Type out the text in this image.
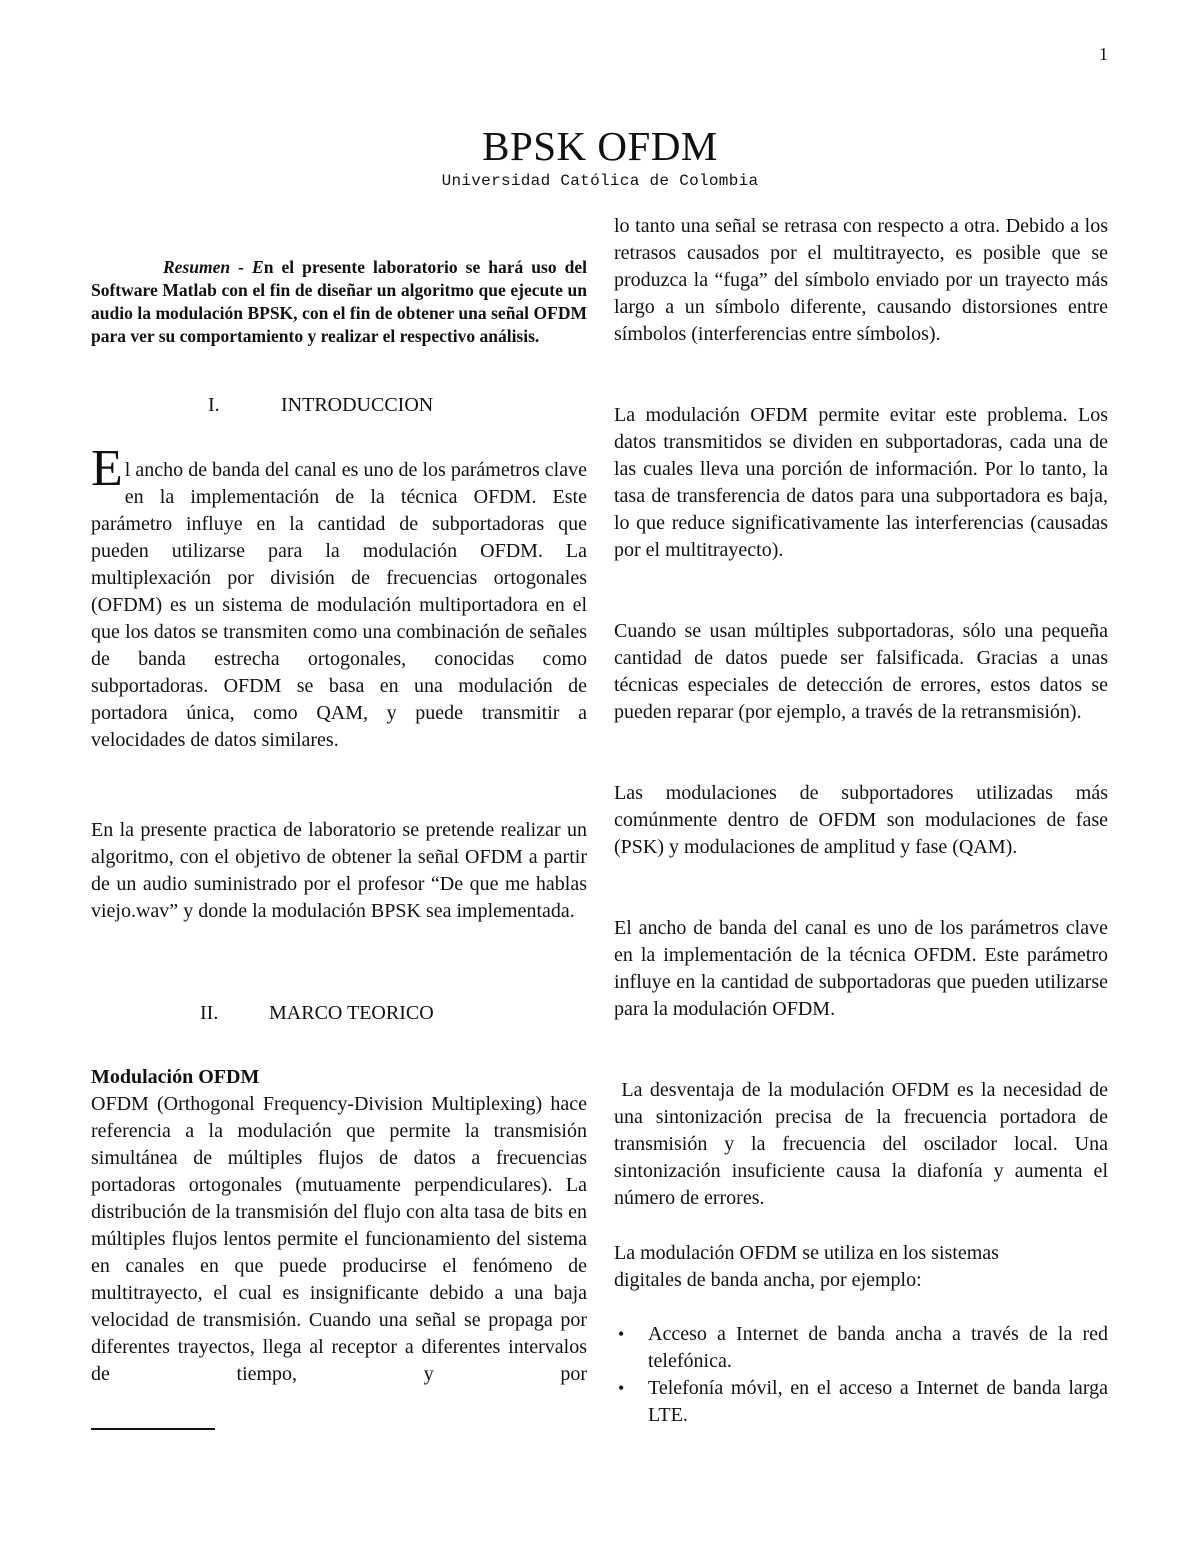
1
BPSK OFDM
Universidad Católica de Colombia

Resumen - En el presente laboratorio se hará uso del Software Matlab con el fin de diseñar un algoritmo que ejecute un audio la modulación BPSK, con el fin de obtener una señal OFDM para ver su comportamiento y realizar el respectivo análisis.

I.	INTRODUCCION

E l ancho de banda del canal es uno de los parámetros clave en la implementación de la técnica OFDM. Este parámetro influye en la cantidad de subportadoras que pueden utilizarse para la modulación OFDM. La multiplexación por división de frecuencias ortogonales (OFDM) es un sistema de modulación multiportadora en el que los datos se transmiten como una combinación de señales de banda estrecha ortogonales, conocidas como subportadoras. OFDM se basa en una modulación de portadora única, como QAM, y puede transmitir a velocidades de datos similares.

En la presente practica de laboratorio se pretende realizar un algoritmo, con el objetivo de obtener la señal OFDM a partir de un audio suministrado por el profesor “De que me hablas viejo.wav” y donde la modulación BPSK sea implementada.

II.	MARCO TEORICO
Modulación OFDM

OFDM (Orthogonal Frequency-Division Multiplexing) hace referencia a la modulación que permite la transmisión simultánea de múltiples flujos de datos a frecuencias portadoras ortogonales (mutuamente perpendiculares). La distribución de la transmisión del flujo con alta tasa de bits en múltiples flujos lentos permite el funcionamiento del sistema en canales en que puede producirse el fenómeno de multitrayecto, el cual es insignificante debido a una baja velocidad de transmisión. Cuando una señal se propaga por diferentes trayectos, llega al receptor a diferentes intervalos de tiempo, y por

lo tanto una señal se retrasa con respecto a otra. Debido a los retrasos causados por el multitrayecto, es posible que se produzca la “fuga” del símbolo enviado por un trayecto más largo a un símbolo diferente, causando distorsiones entre símbolos (interferencias entre símbolos).

La modulación OFDM permite evitar este problema. Los datos transmitidos se dividen en subportadoras, cada una de las cuales lleva una porción de información. Por lo tanto, la tasa de transferencia de datos para una subportadora es baja, lo que reduce significativamente las interferencias (causadas por el multitrayecto).

Cuando se usan múltiples subportadoras, sólo una pequeña cantidad de datos puede ser falsificada. Gracias a unas técnicas especiales de detección de errores, estos datos se pueden reparar (por ejemplo, a través de la retransmisión).

Las modulaciones de subportadores utilizadas más comúnmente dentro de OFDM son modulaciones de fase (PSK) y modulaciones de amplitud y fase (QAM).

El ancho de banda del canal es uno de los parámetros clave en la implementación de la técnica OFDM. Este parámetro influye en la cantidad de subportadoras que pueden utilizarse para la modulación OFDM.

La desventaja de la modulación OFDM es la necesidad de una sintonización precisa de la frecuencia portadora de transmisión y la frecuencia del oscilador local. Una sintonización insuficiente causa la diafonía y aumenta el número de errores.

La modulación OFDM se utiliza en los sistemas
digitales de banda ancha, por ejemplo:
• Acceso a Internet de banda ancha a través de la red telefónica.
• Telefonía móvil, en el acceso a Internet de banda larga LTE.
